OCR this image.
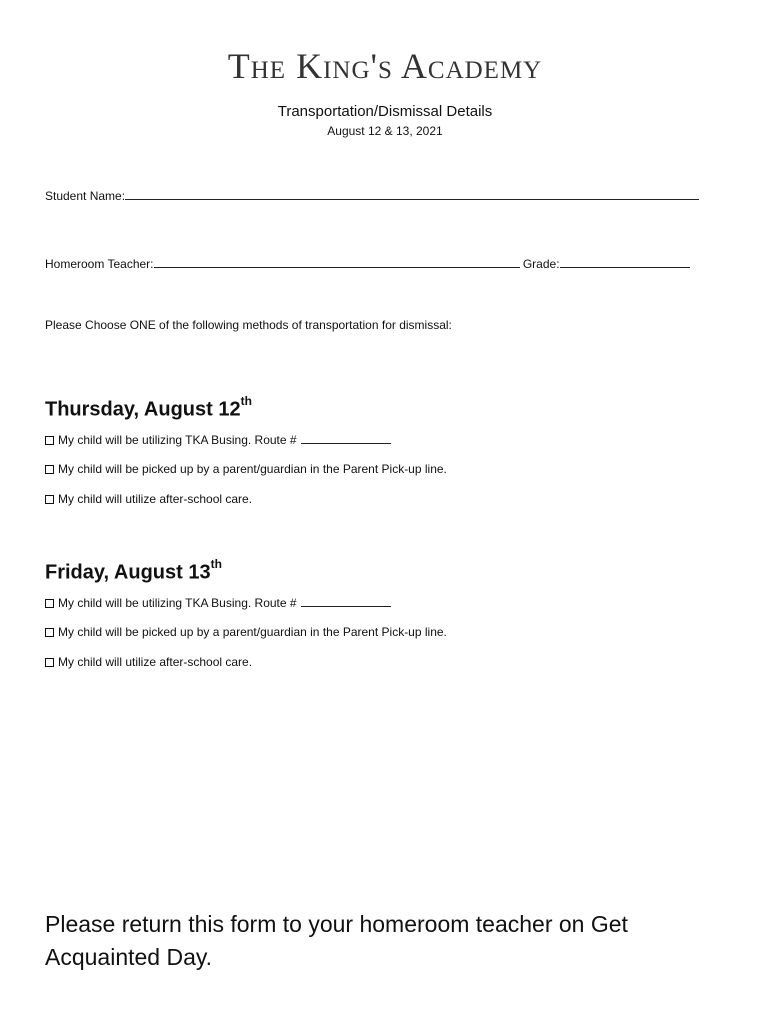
The King's Academy
Transportation/Dismissal Details
August 12 & 13, 2021
Student Name:
Homeroom Teacher:	Grade:
Please Choose ONE of the following methods of transportation for dismissal:
Thursday, August 12th
My child will be utilizing TKA Busing. Route #
My child will be picked up by a parent/guardian in the Parent Pick-up line.
My child will utilize after-school care.
Friday, August 13th
My child will be utilizing TKA Busing. Route #
My child will be picked up by a parent/guardian in the Parent Pick-up line.
My child will utilize after-school care.
Please return this form to your homeroom teacher on Get Acquainted Day.
